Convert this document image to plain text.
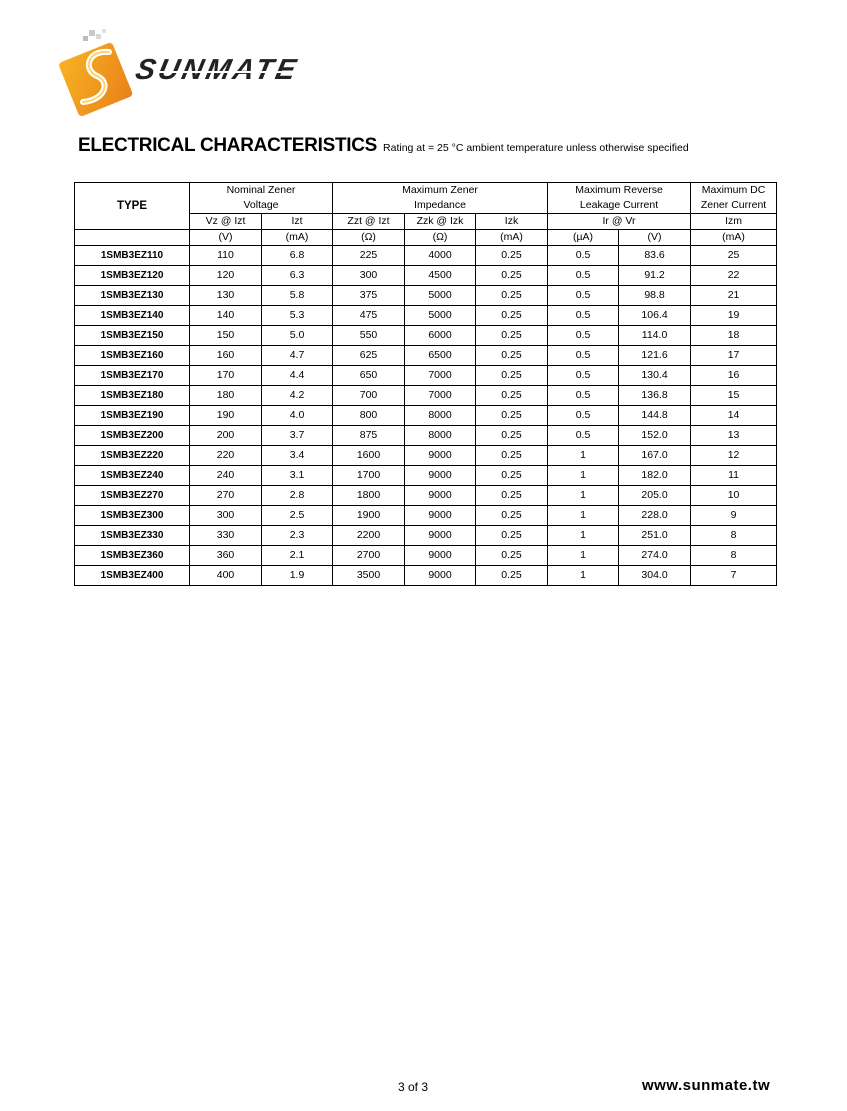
SUNMATE
ELECTRICAL CHARACTERISTICS Rating at = 25 °C ambient temperature unless otherwise specified
TYPE	Nominal Zener		Maximum Zener			Maximum Reverse		Maximum DC
	Voltage		Impedance			Leakage Current		Zener Current
	Vz @ Izt	Izt	Zzt @ Izt	Zzk @ Izk	Izk	Ir @ Vr		Izm
	(V)	(mA)	(Ω)	(Ω)	(mA)	(µA)	(V)	(mA)
1SMB3EZ110	110	6.8	225	4000	0.25	0.5	83.6	25
1SMB3EZ120	120	6.3	300	4500	0.25	0.5	91.2	22
1SMB3EZ130	130	5.8	375	5000	0.25	0.5	98.8	21
1SMB3EZ140	140	5.3	475	5000	0.25	0.5	106.4	19
1SMB3EZ150	150	5.0	550	6000	0.25	0.5	114.0	18
1SMB3EZ160	160	4.7	625	6500	0.25	0.5	121.6	17
1SMB3EZ170	170	4.4	650	7000	0.25	0.5	130.4	16
1SMB3EZ180	180	4.2	700	7000	0.25	0.5	136.8	15
1SMB3EZ190	190	4.0	800	8000	0.25	0.5	144.8	14
1SMB3EZ200	200	3.7	875	8000	0.25	0.5	152.0	13
1SMB3EZ220	220	3.4	1600	9000	0.25	1	167.0	12
1SMB3EZ240	240	3.1	1700	9000	0.25	1	182.0	11
1SMB3EZ270	270	2.8	1800	9000	0.25	1	205.0	10
1SMB3EZ300	300	2.5	1900	9000	0.25	1	228.0	9
1SMB3EZ330	330	2.3	2200	9000	0.25	1	251.0	8
1SMB3EZ360	360	2.1	2700	9000	0.25	1	274.0	8
1SMB3EZ400	400	1.9	3500	9000	0.25	1	304.0	7
3 of 3	www.sunmate.tw
